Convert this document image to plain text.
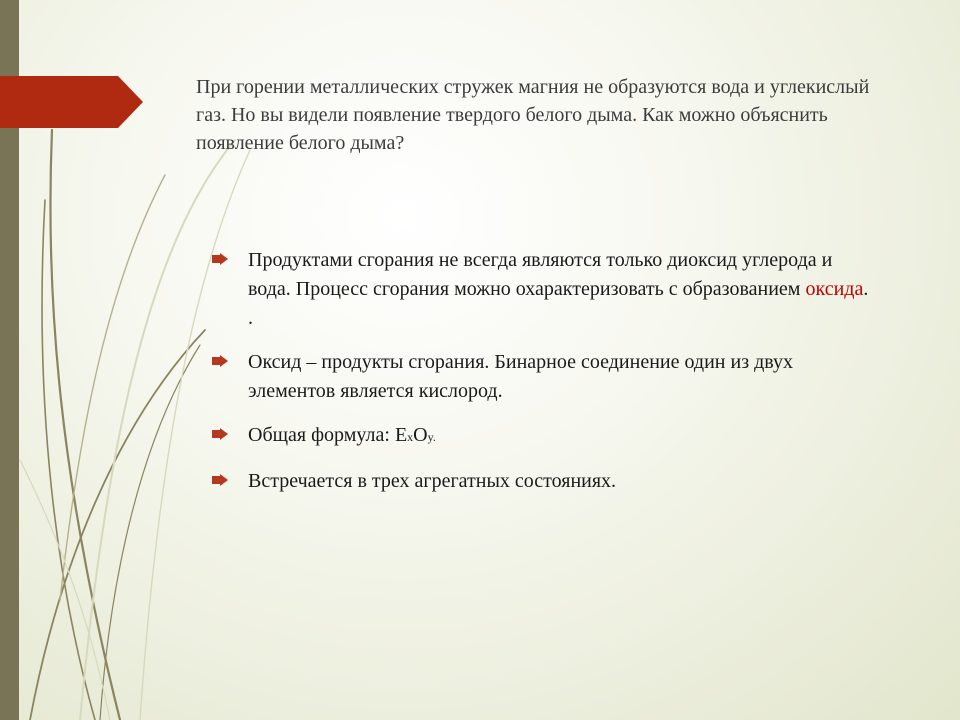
При горении металлических стружек магния не образуются вода и углекислый газ. Но вы видели появление твердого белого дыма. Как можно объяснить появление белого дыма?

Продуктами сгорания не всегда являются только диоксид углерода и вода. Процесс сгорания можно охарактеризовать с образованием оксида. .
Оксид – продукты сгорания. Бинарное соединение один из двух элементов является кислород.
Общая формула: ExOy.
Встречается в трех агрегатных состояниях.
